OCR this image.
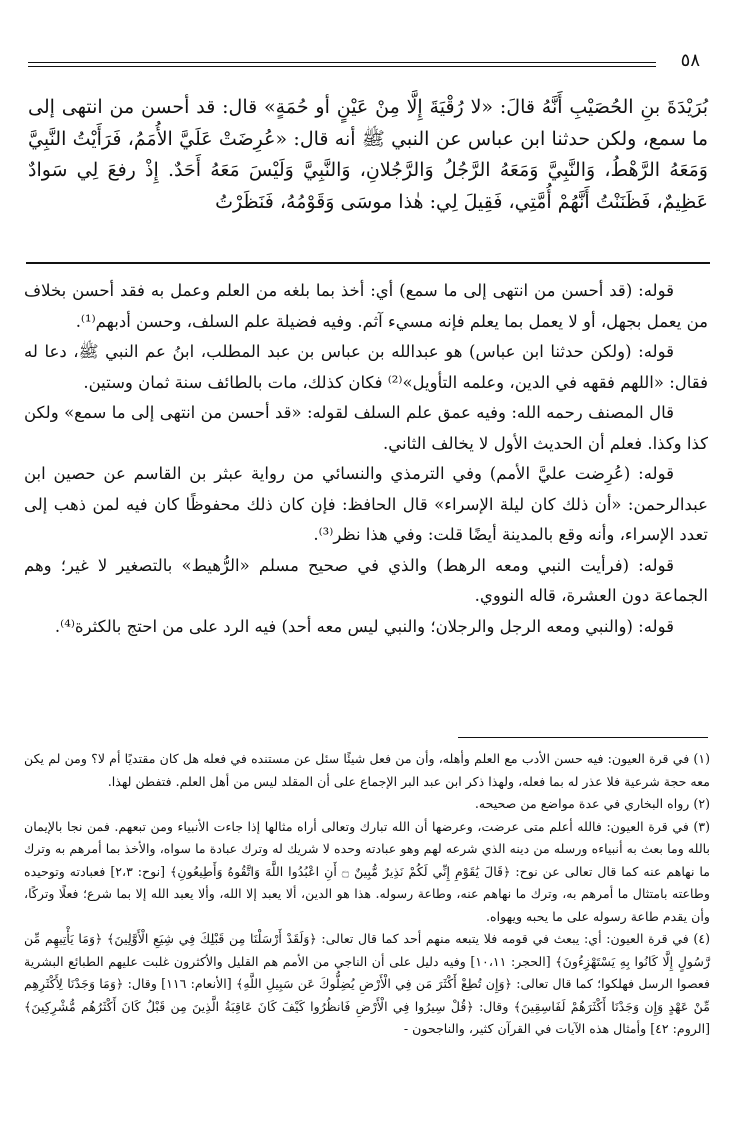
٥٨

بُرَيْدَةَ بنِ الحُصَيْبِ أَنَّهُ قالَ: «لا رُقْيَةَ إِلَّا مِنْ عَيْنٍ أو حُمَةٍ» قال: قد أحسن من انتهى إلى ما سمع، ولكن حدثنا ابن عباس عن النبي ﷺ أنه قال: «عُرِضَتْ عَلَيَّ الأُمَمُ، فَرَأَيْتُ النَّبِيَّ وَمَعَهُ الرَّهْطُ، وَالنَّبِيَّ وَمَعَهُ الرَّجُلُ وَالرَّجُلانِ، وَالنَّبِيَّ وَلَيْسَ مَعَهُ أَحَدٌ. إِذْ رفعَ لِي سَوادٌ عَظِيمٌ، فَظَنَنْتُ أَنَّهُمْ أُمَّتِي، فَقِيلَ لِي: هٰذا موسَى وَقَوْمُهُ، فَنَظَرْتُ

قوله: (قد أحسن من انتهى إلى ما سمع) أي: أخذ بما بلغه من العلم وعمل به فقد أحسن بخلاف من يعمل بجهل، أو لا يعمل بما يعلم فإنه مسيء آثم. وفيه فضيلة علم السلف، وحسن أدبهم⁽¹⁾.

قوله: (ولكن حدثنا ابن عباس) هو عبدالله بن عباس بن عبد المطلب، ابنُ عم النبي ﷺ، دعا له فقال: «اللهم فقهه في الدين، وعلمه التأويل»⁽²⁾ فكان كذلك، مات بالطائف سنة ثمان وستين.

قال المصنف رحمه الله: وفيه عمق علم السلف لقوله: «قد أحسن من انتهى إلى ما سمع» ولكن كذا وكذا. فعلم أن الحديث الأول لا يخالف الثاني.

قوله: (عُرِضت عليَّ الأمم) وفي الترمذي والنسائي من رواية عبثر بن القاسم عن حصين ابن عبدالرحمن: «أن ذلك كان ليلة الإسراء» قال الحافظ: فإن كان ذلك محفوظًا كان فيه لمن ذهب إلى تعدد الإسراء، وأنه وقع بالمدينة أيضًا قلت: وفي هذا نظر⁽³⁾.

قوله: (فرأيت النبي ومعه الرهط) والذي في صحيح مسلم «الرُّهيط» بالتصغير لا غير؛ وهم الجماعة دون العشرة، قاله النووي.

قوله: (والنبي ومعه الرجل والرجلان؛ والنبي ليس معه أحد) فيه الرد على من احتج بالكثرة⁽⁴⁾.

(١) في قرة العيون: فيه حسن الأدب مع العلم وأهله، وأن من فعل شيئًا سئل عن مستنده في فعله هل كان مقتديًا أم لا؟ ومن لم يكن معه حجة شرعية فلا عذر له بما فعله، ولهذا ذكر ابن عبد البر الإجماع على أن المقلد ليس من أهل العلم. فتفطن لهذا.

(٢) رواه البخاري في عدة مواضع من صحيحه.

(٣) في قرة العيون: فالله أعلم متى عرضت، وعرضها أن الله تبارك وتعالى أراه مثالها إذا جاءت الأنبياء ومن تبعهم. فمن نجا بالإيمان بالله وما بعث به أنبياءه ورسله من دينه الذي شرعه لهم وهو عبادته وحده لا شريك له وترك عبادة ما سواه، والأخذ بما أمرهم به وترك ما نهاهم عنه كما قال تعالى عن نوح: ﴿قَالَ يَٰقَوْمِ إِنِّي لَكُمْ نَذِيرٌ مُّبِينٌ ۝ أَنِ اعْبُدُوا اللَّهَ وَاتَّقُوهُ وَأَطِيعُونِ﴾ [نوح: ٢،٣] فعبادته وتوحيده وطاعته بامتثال ما أمرهم به، وترك ما نهاهم عنه، وطاعة رسوله. هذا هو الدين، ألا يعبد إلا الله، وألا يعبد الله إلا بما شرع؛ فعلًا وتركًا، وأن يقدم طاعة رسوله على ما يحبه ويهواه.

(٤) في قرة العيون: أي: يبعث في قومه فلا يتبعه منهم أحد كما قال تعالى: ﴿وَلَقَدْ أَرْسَلْنَا مِن قَبْلِكَ فِي شِيَعِ الْأَوَّلِينَ﴾ ﴿وَمَا يَأْتِيهِم مِّن رَّسُولٍ إِلَّا كَانُوا بِهِ يَسْتَهْزِءُونَ﴾ [الحجر: ١٠،١١] وفيه دليل على أن الناجي من الأمم هم القليل والأكثرون غلبت عليهم الطبائع البشرية فعصوا الرسل فهلكوا؛ كما قال تعالى: ﴿وَإِن تُطِعْ أَكْثَرَ مَن فِي الْأَرْضِ يُضِلُّوكَ عَن سَبِيلِ اللَّهِ﴾ [الأنعام: ١١٦] وقال: ﴿وَمَا وَجَدْنَا لِأَكْثَرِهِم مِّنْ عَهْدٍ وَإِن وَجَدْنَا أَكْثَرَهُمْ لَفَاسِقِينَ﴾ وقال: ﴿قُلْ سِيرُوا فِي الْأَرْضِ فَانظُرُوا كَيْفَ كَانَ عَاقِبَةُ الَّذِينَ مِن قَبْلُ كَانَ أَكْثَرُهُم مُّشْرِكِينَ﴾ [الروم: ٤٢] وأمثال هذه الآيات في القرآن كثير، والناجحون -
